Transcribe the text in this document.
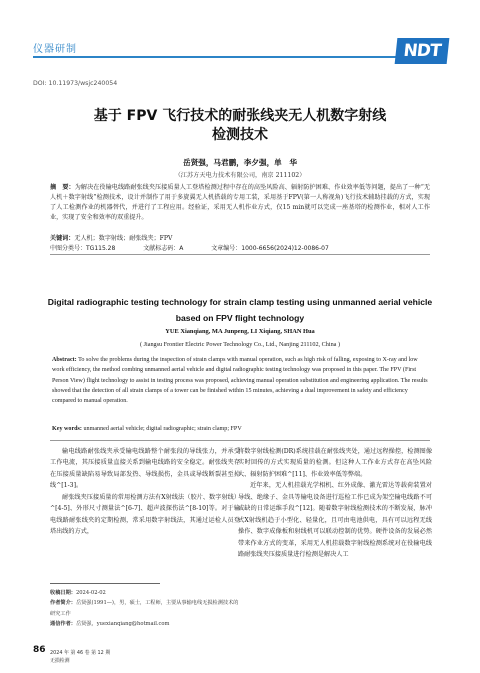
仪器研制	NDT
DOI: 10.11973/wsjc240054
基于 FPV 飞行技术的耐张线夹无人机数字射线
检测技术
岳贤强，马君鹏，李夕强，单　华
（江苏方天电力技术有限公司，南京 211102）
摘　要：为解决在役输电线路耐张线夹压接质量人工登塔检测过程中存在的高坠风险高、辐射防护困难、作业效率低等问题，提出了一种“无人机＋数字射线”检测技术，设计并制作了用于多旋翼无人机搭载的专用工装，采用基于FPV(第一人称视角)飞行技术辅助挂载的方式，实现了人工检测作业的机器替代，并进行了工程应用。经验证，采用无人机作业方式，仅15 min就可以完成一座基塔的检测作业，相对人工作业，实现了安全和效率的双重提升。
关键词：无人机；数字射线；耐张线夹；FPV
中图分类号：TG115.28	文献标志码：A	文章编号：1000-6656(2024)12-0086-07
Digital radiographic testing technology for strain clamp testing using unmanned aerial vehicle
based on FPV flight technology
YUE Xianqiang, MA Junpeng, LI Xiqiang, SHAN Hua
( Jiangsu Frontier Electric Power Technology Co., Ltd., Nanjing 211102, China )
Abstract: To solve the problems during the inspection of strain clamps with manual operation, such as high risk of falling, exposing to X-ray and low work efficiency, the method combing unmanned aerial vehicle and digital radiographic testing technology was proposed in this paper. The FPV (First Person View) flight technology to assist in testing process was proposed, achieving manual operation substitution and engineering application. The results showed that the detection of all strain clamps of a tower can be finished within 15 minutes, achieving a dual improvement in safety and efficiency compared to manual operation.
Key words: unmanned aerial vehicle; digital radiographic; strain clamp; FPV

输电线路耐张线夹承受输电线路整个耐张段的导线张力，并承受工作电流，其压接质量直接关系到输电线路的安全稳定。耐张线夹存在压接质量缺陷易导致局部发热、导线损伤，金具或导线断裂甚至掉线^[1-3]。

耐张线夹压接质量的常用检测方法有X射线法（胶片、数字射线）^[4-5]、外形尺寸测量法^[6-7]、超声波探伤法^[8-10]等。对于输电线路耐张线夹的定期检测，常采用数字射线法，其通过运检人员登塔出线的方式，

将数字射线检测(DR)系统挂载在耐张线夹处，通过远程操控，检测图像实时回传的方式实现质量的检测。但这种人工作业方式存在高坠风险大、辐射防护困难^[11]、作业效率低等弊端。

近年来，无人机挂载光学相机、红外成像、激光雷达等载荷装置对导线、绝缘子、金具等输电设备进行巡检工作已成为架空输电线路不可或缺的日常运维手段^[12]。随着数字射线检测技术的不断发展，脉冲式X射线机趋于小型化、轻量化，且可由电池供电，具有可以远程无线操作、数字成像板和射线机可以联动控制的优势。硬件设备的发展必然带来作业方式的变革，采用无人机挂载数字射线检测系统对在役输电线路耐张线夹压接质量进行检测是解决人工

收稿日期：2024-02-02
作者简介：岳贤强(1991—)，男，硕士，工程师，主要从事输电线无损检测技术的研究工作
通信作者：岳贤强，yuexianqiang@hotmail.com
86 2024 年 第 46 卷 第 12 期
无损检测
